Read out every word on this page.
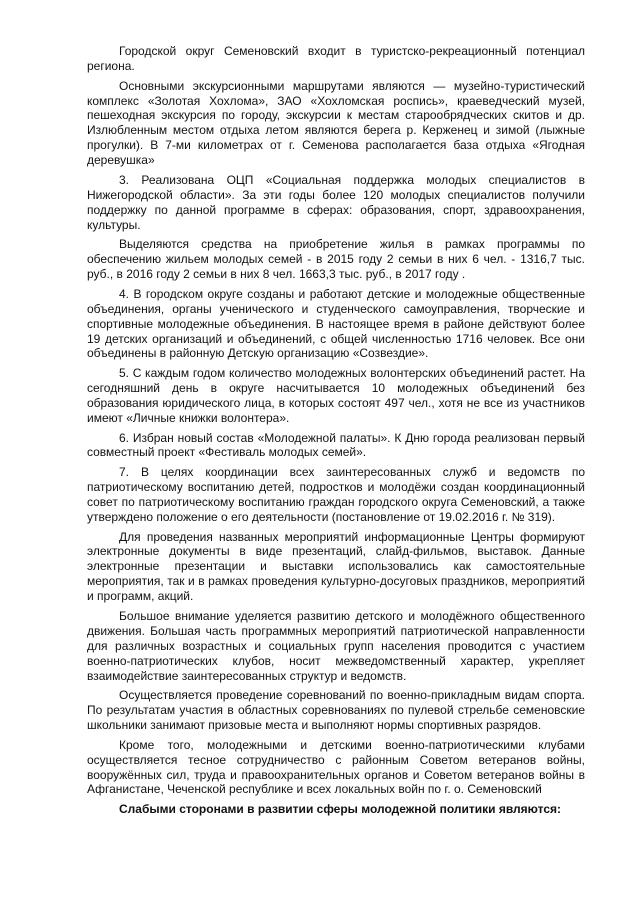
Городской округ Семеновский входит в туристско-рекреационный потенциал региона.

Основными экскурсионными маршрутами являются — музейно-туристический комплекс «Золотая Хохлома», ЗАО «Хохломская роспись», краеведческий музей, пешеходная экскурсия по городу, экскурсии к местам старообрядческих скитов и др. Излюбленным местом отдыха летом являются берега р. Керженец и зимой (лыжные прогулки). В 7-ми километрах от г. Семенова располагается база отдыха «Ягодная деревушка»

3. Реализована ОЦП «Социальная поддержка молодых специалистов в Нижегородской области». За эти годы более 120 молодых специалистов получили поддержку по данной программе в сферах: образования, спорт, здравоохранения, культуры.

Выделяются средства на приобретение жилья в рамках программы по обеспечению жильем молодых семей - в 2015 году 2 семьи в них 6 чел. - 1316,7 тыс. руб., в 2016 году 2 семьи в них 8 чел. 1663,3 тыс. руб., в 2017 году .

4. В городском округе созданы и работают детские и молодежные общественные объединения, органы ученического и студенческого самоуправления, творческие и спортивные молодежные объединения. В настоящее время в районе действуют более 19 детских организаций и объединений, с общей численностью 1716 человек. Все они объединены в районную Детскую организацию «Созвездие».

5. С каждым годом количество молодежных волонтерских объединений растет. На сегодняшний день в округе насчитывается 10 молодежных объединений без образования юридического лица, в которых состоят 497 чел., хотя не все из участников имеют «Личные книжки волонтера».

6. Избран новый состав «Молодежной палаты». К Дню города реализован первый совместный проект «Фестиваль молодых семей».

7. В целях координации всех заинтересованных служб и ведомств по патриотическому воспитанию детей, подростков и молодёжи создан координационный совет по патриотическому воспитанию граждан городского округа Семеновский, а также утверждено положение о его деятельности (постановление от 19.02.2016 г. № 319).

Для проведения названных мероприятий информационные Центры формируют электронные документы в виде презентаций, слайд-фильмов, выставок. Данные электронные презентации и выставки использовались как самостоятельные мероприятия, так и в рамках проведения культурно-досуговых праздников, мероприятий и программ, акций.

Большое внимание уделяется развитию детского и молодёжного общественного движения. Большая часть программных мероприятий патриотической направленности для различных возрастных и социальных групп населения проводится с участием военно-патриотических клубов, носит межведомственный характер, укрепляет взаимодействие заинтересованных структур и ведомств.

Осуществляется проведение соревнований по военно-прикладным видам спорта. По результатам участия в областных соревнованиях по пулевой стрельбе семеновские школьники занимают призовые места и выполняют нормы спортивных разрядов.

Кроме того, молодежными и детскими военно-патриотическими клубами осуществляется тесное сотрудничество с районным Советом ветеранов войны, вооружённых сил, труда и правоохранительных органов и Советом ветеранов войны в Афганистане, Чеченской республике и всех локальных войн по г. о. Семеновский

Слабыми сторонами в развитии сферы молодежной политики являются:
